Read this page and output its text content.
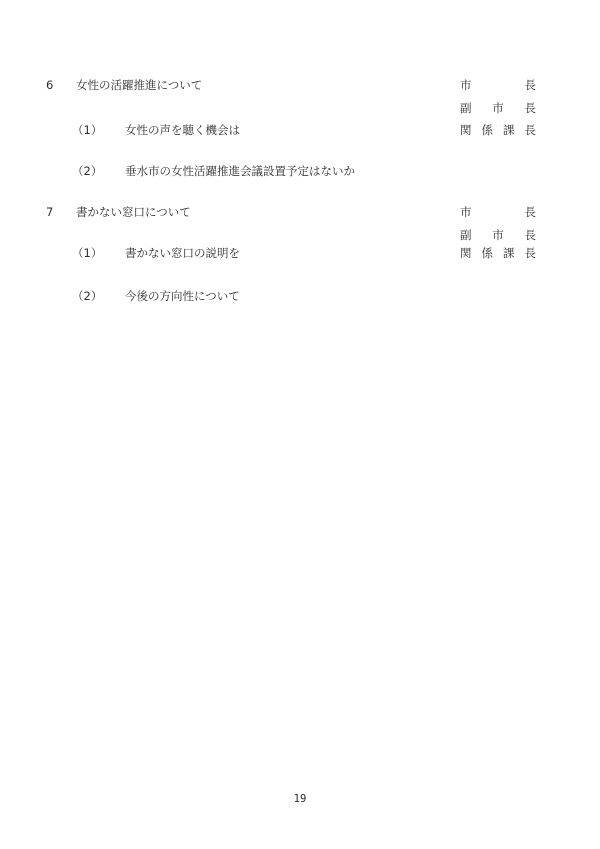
6 女性の活躍推進について	市	長
副 市 長
関 係 課 長
（1） 女性の声を聴く機会は
（2） 垂水市の女性活躍推進会議設置予定はないか
7 書かない窓口について	市	長
副 市 長
関 係 課 長
（1） 書かない窓口の説明を
（2） 今後の方向性について
19
